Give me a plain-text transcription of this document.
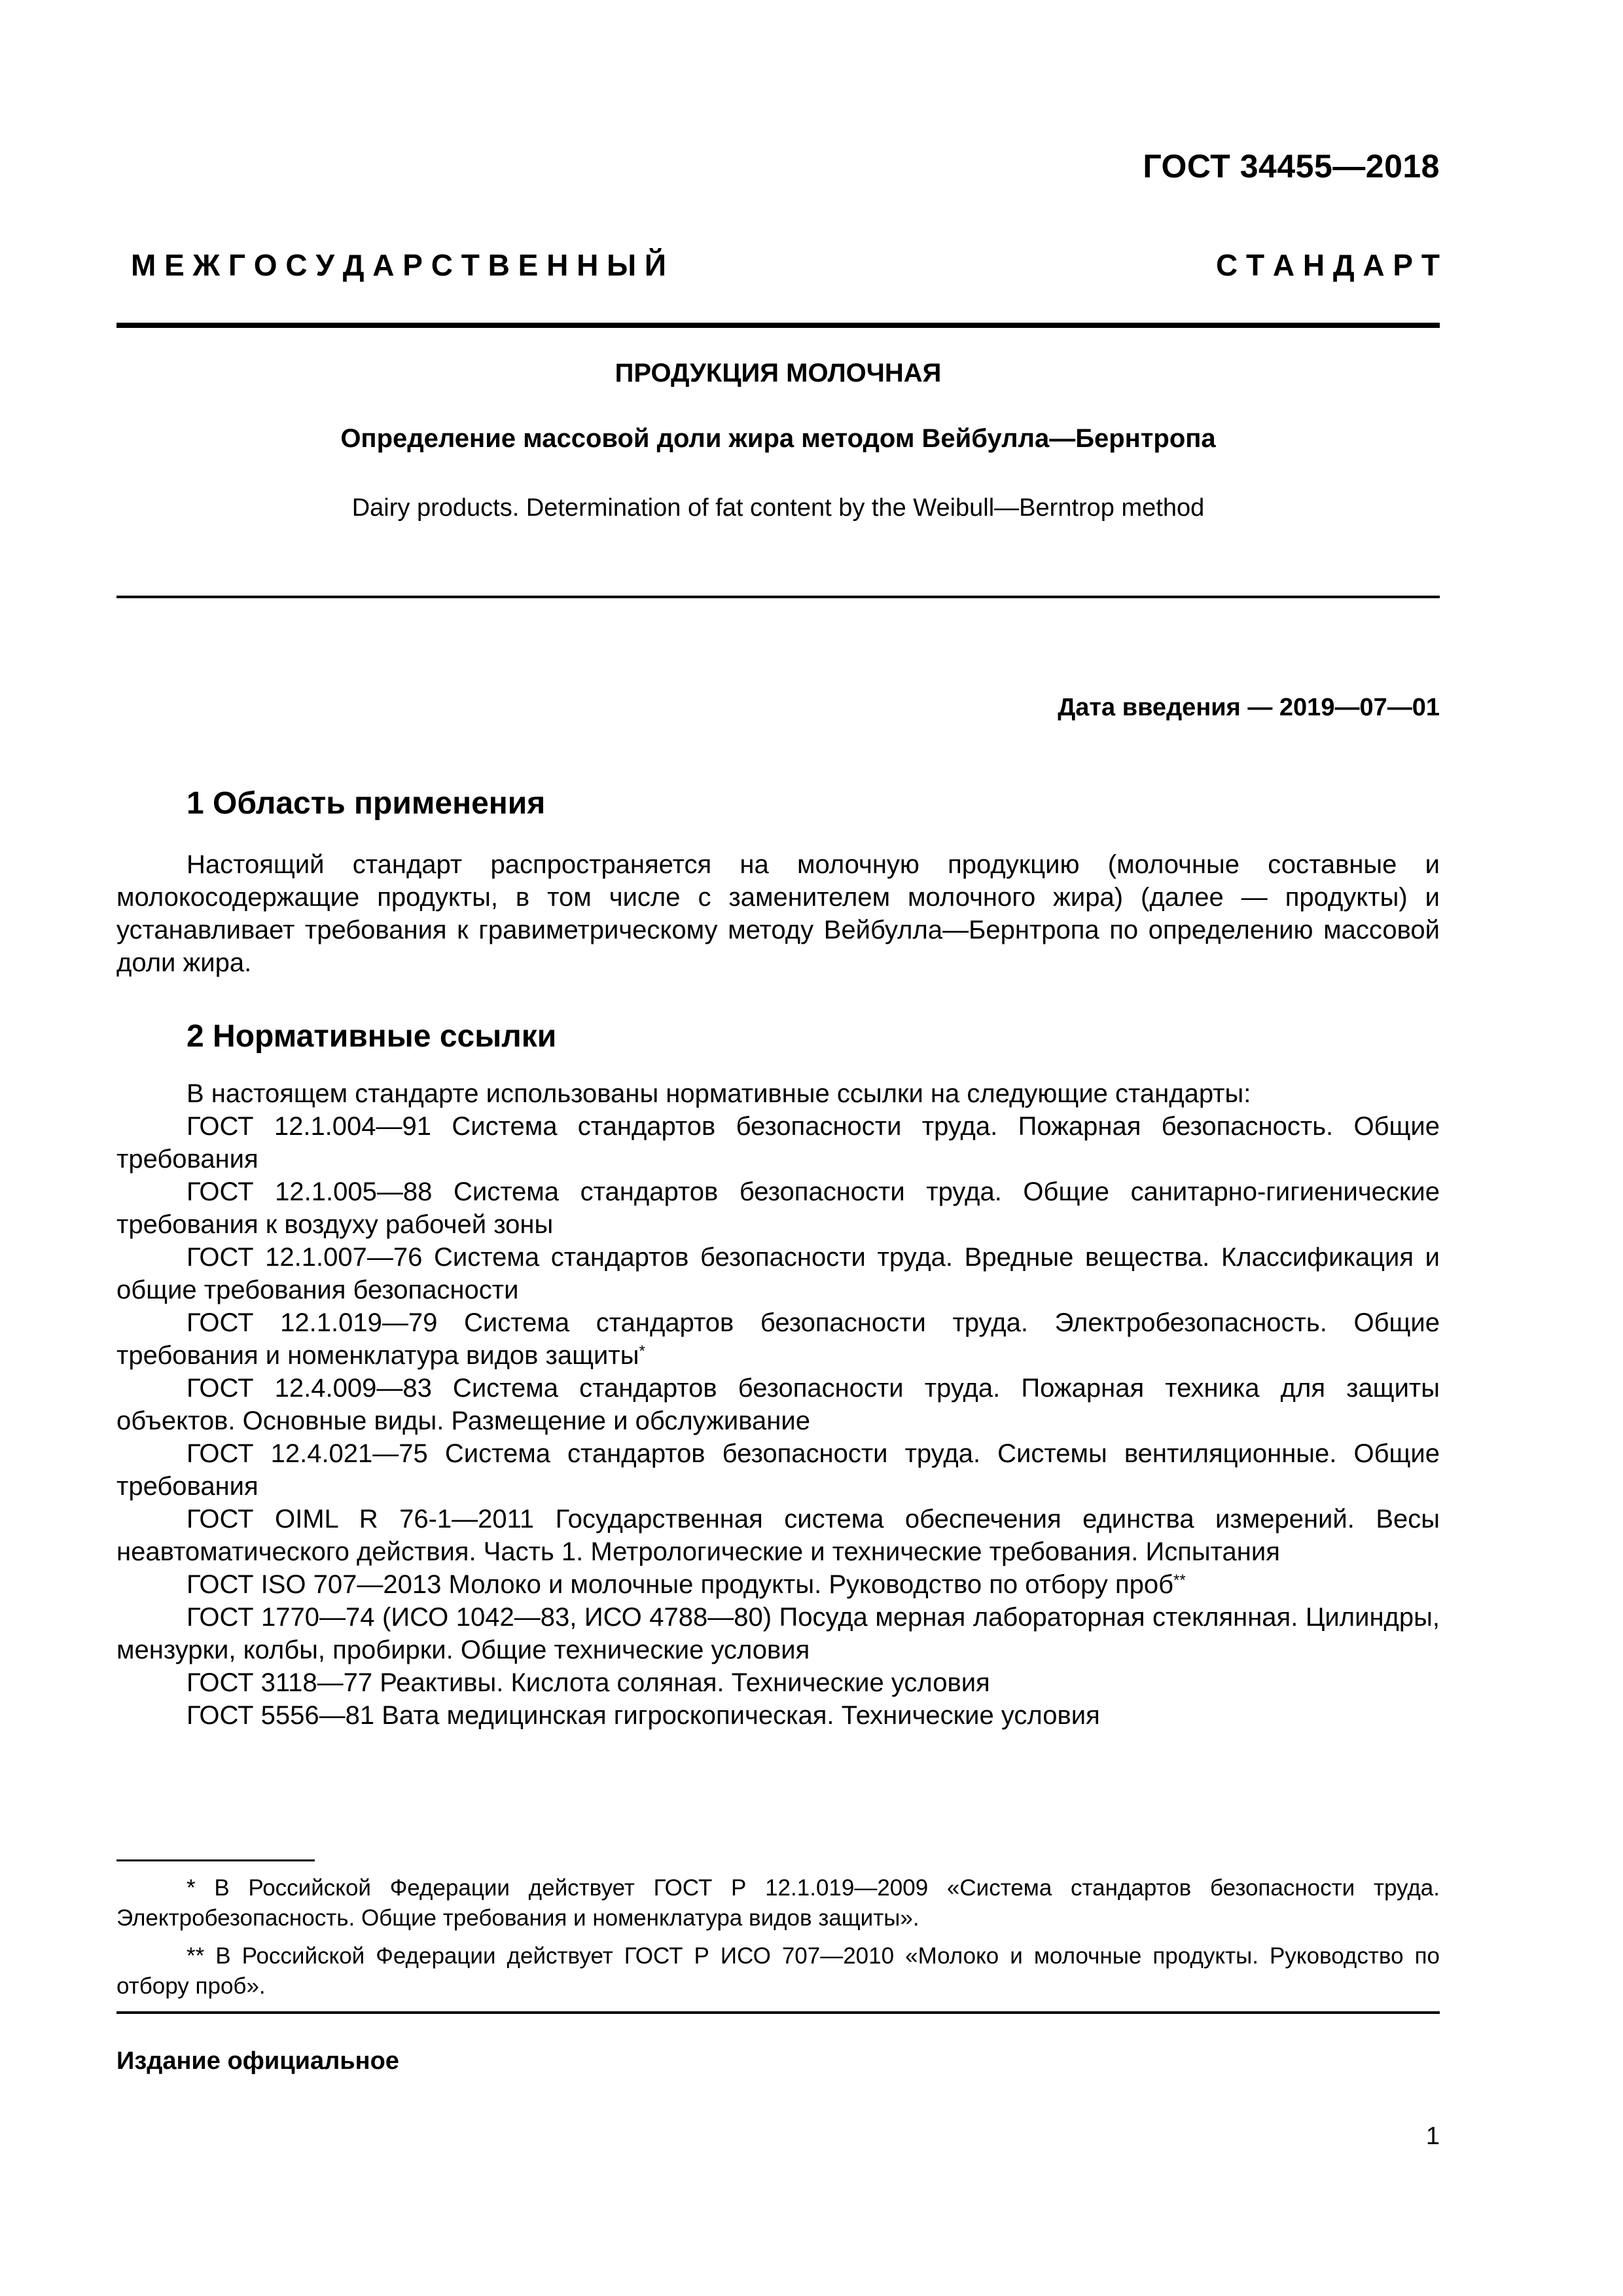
ГОСТ 34455—2018
М Е Ж Г О С У Д А Р С Т В Е Н Н Ы Й	С Т А Н Д А Р Т
ПРОДУКЦИЯ МОЛОЧНАЯ
Определение массовой доли жира методом Вейбулла—Бернтропа
Dairy products. Determination of fat content by the Weibull—Berntrop method
Дата введения — 2019—07—01
1 Область применения

Настоящий стандарт распространяется на молочную продукцию (молочные составные и молокосодержащие продукты, в том числе с заменителем молочного жира) (далее — продукты) и устанавливает требования к гравиметрическому методу Вейбулла—Бернтропа по определению массовой доли жира.

2 Нормативные ссылки

В настоящем стандарте использованы нормативные ссылки на следующие стандарты:

ГОСТ 12.1.004—91 Система стандартов безопасности труда. Пожарная безопасность. Общие требования

ГОСТ 12.1.005—88 Система стандартов безопасности труда. Общие санитарно-гигиенические требования к воздуху рабочей зоны

ГОСТ 12.1.007—76 Система стандартов безопасности труда. Вредные вещества. Классификация и общие требования безопасности

ГОСТ 12.1.019—79 Система стандартов безопасности труда. Электробезопасность. Общие требования и номенклатура видов защиты*

ГОСТ 12.4.009—83 Система стандартов безопасности труда. Пожарная техника для защиты объектов. Основные виды. Размещение и обслуживание

ГОСТ 12.4.021—75 Система стандартов безопасности труда. Системы вентиляционные. Общие требования

ГОСТ OIML R 76-1—2011 Государственная система обеспечения единства измерений. Весы неавтоматического действия. Часть 1. Метрологические и технические требования. Испытания

ГОСТ ISO 707—2013 Молоко и молочные продукты. Руководство по отбору проб**

ГОСТ 1770—74 (ИСО 1042—83, ИСО 4788—80) Посуда мерная лабораторная стеклянная. Цилиндры, мензурки, колбы, пробирки. Общие технические условия

ГОСТ 3118—77 Реактивы. Кислота соляная. Технические условия

ГОСТ 5556—81 Вата медицинская гигроскопическая. Технические условия

* В Российской Федерации действует ГОСТ Р 12.1.019—2009 «Система стандартов безопасности труда. Электробезопасность. Общие требования и номенклатура видов защиты».

** В Российской Федерации действует ГОСТ Р ИСО 707—2010 «Молоко и молочные продукты. Руководство по отбору проб».

Издание официальное
1
